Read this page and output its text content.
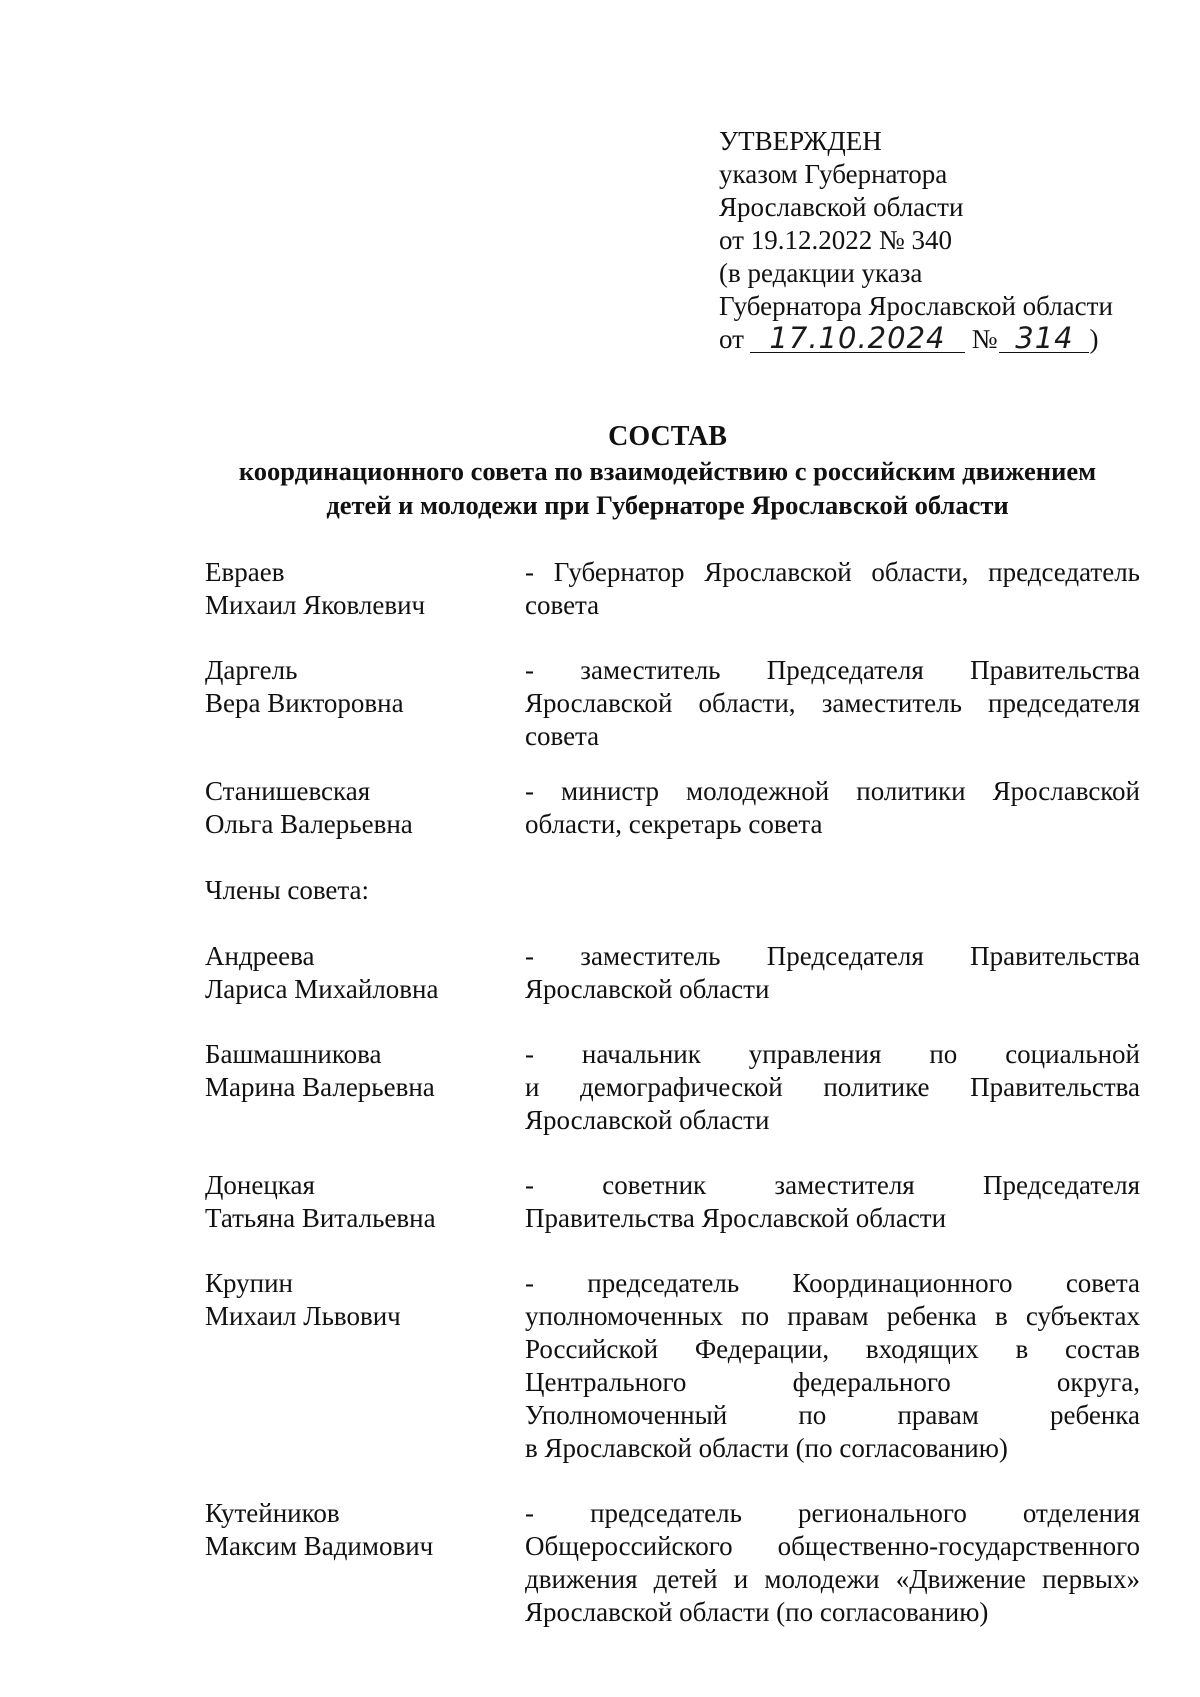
УТВЕРЖДЕН
указом Губернатора
Ярославской области
от 19.12.2022 № 340
(в редакции указа
Губернатора Ярославской области
от 17.10.2024 № 314 )
СОСТАВ
координационного совета по взаимодействию с российским движением
детей и молодежи при Губернаторе Ярославской области
Евраев
Михаил Яковлевич
- Губернатор Ярославской области, председатель
совета
Даргель
Вера Викторовна
- заместитель Председателя Правительства
Ярославской области, заместитель председателя
совета
Станишевская
Ольга Валерьевна
- министр молодежной политики Ярославской
области, секретарь совета
Члены совета:
Андреева
Лариса Михайловна
- заместитель Председателя Правительства
Ярославской области
Башмашникова
Марина Валерьевна
- начальник управления по социальной
и демографической политике Правительства
Ярославской области
Донецкая
Татьяна Витальевна
- советник заместителя Председателя
Правительства Ярославской области
Крупин
Михаил Львович
- председатель Координационного совета
уполномоченных по правам ребенка в субъектах
Российской Федерации, входящих в состав
Центрального федерального округа,
Уполномоченный по правам ребенка
в Ярославской области (по согласованию)
Кутейников
Максим Вадимович
- председатель регионального отделения
Общероссийского общественно-государственного
движения детей и молодежи «Движение первых»
Ярославской области (по согласованию)
